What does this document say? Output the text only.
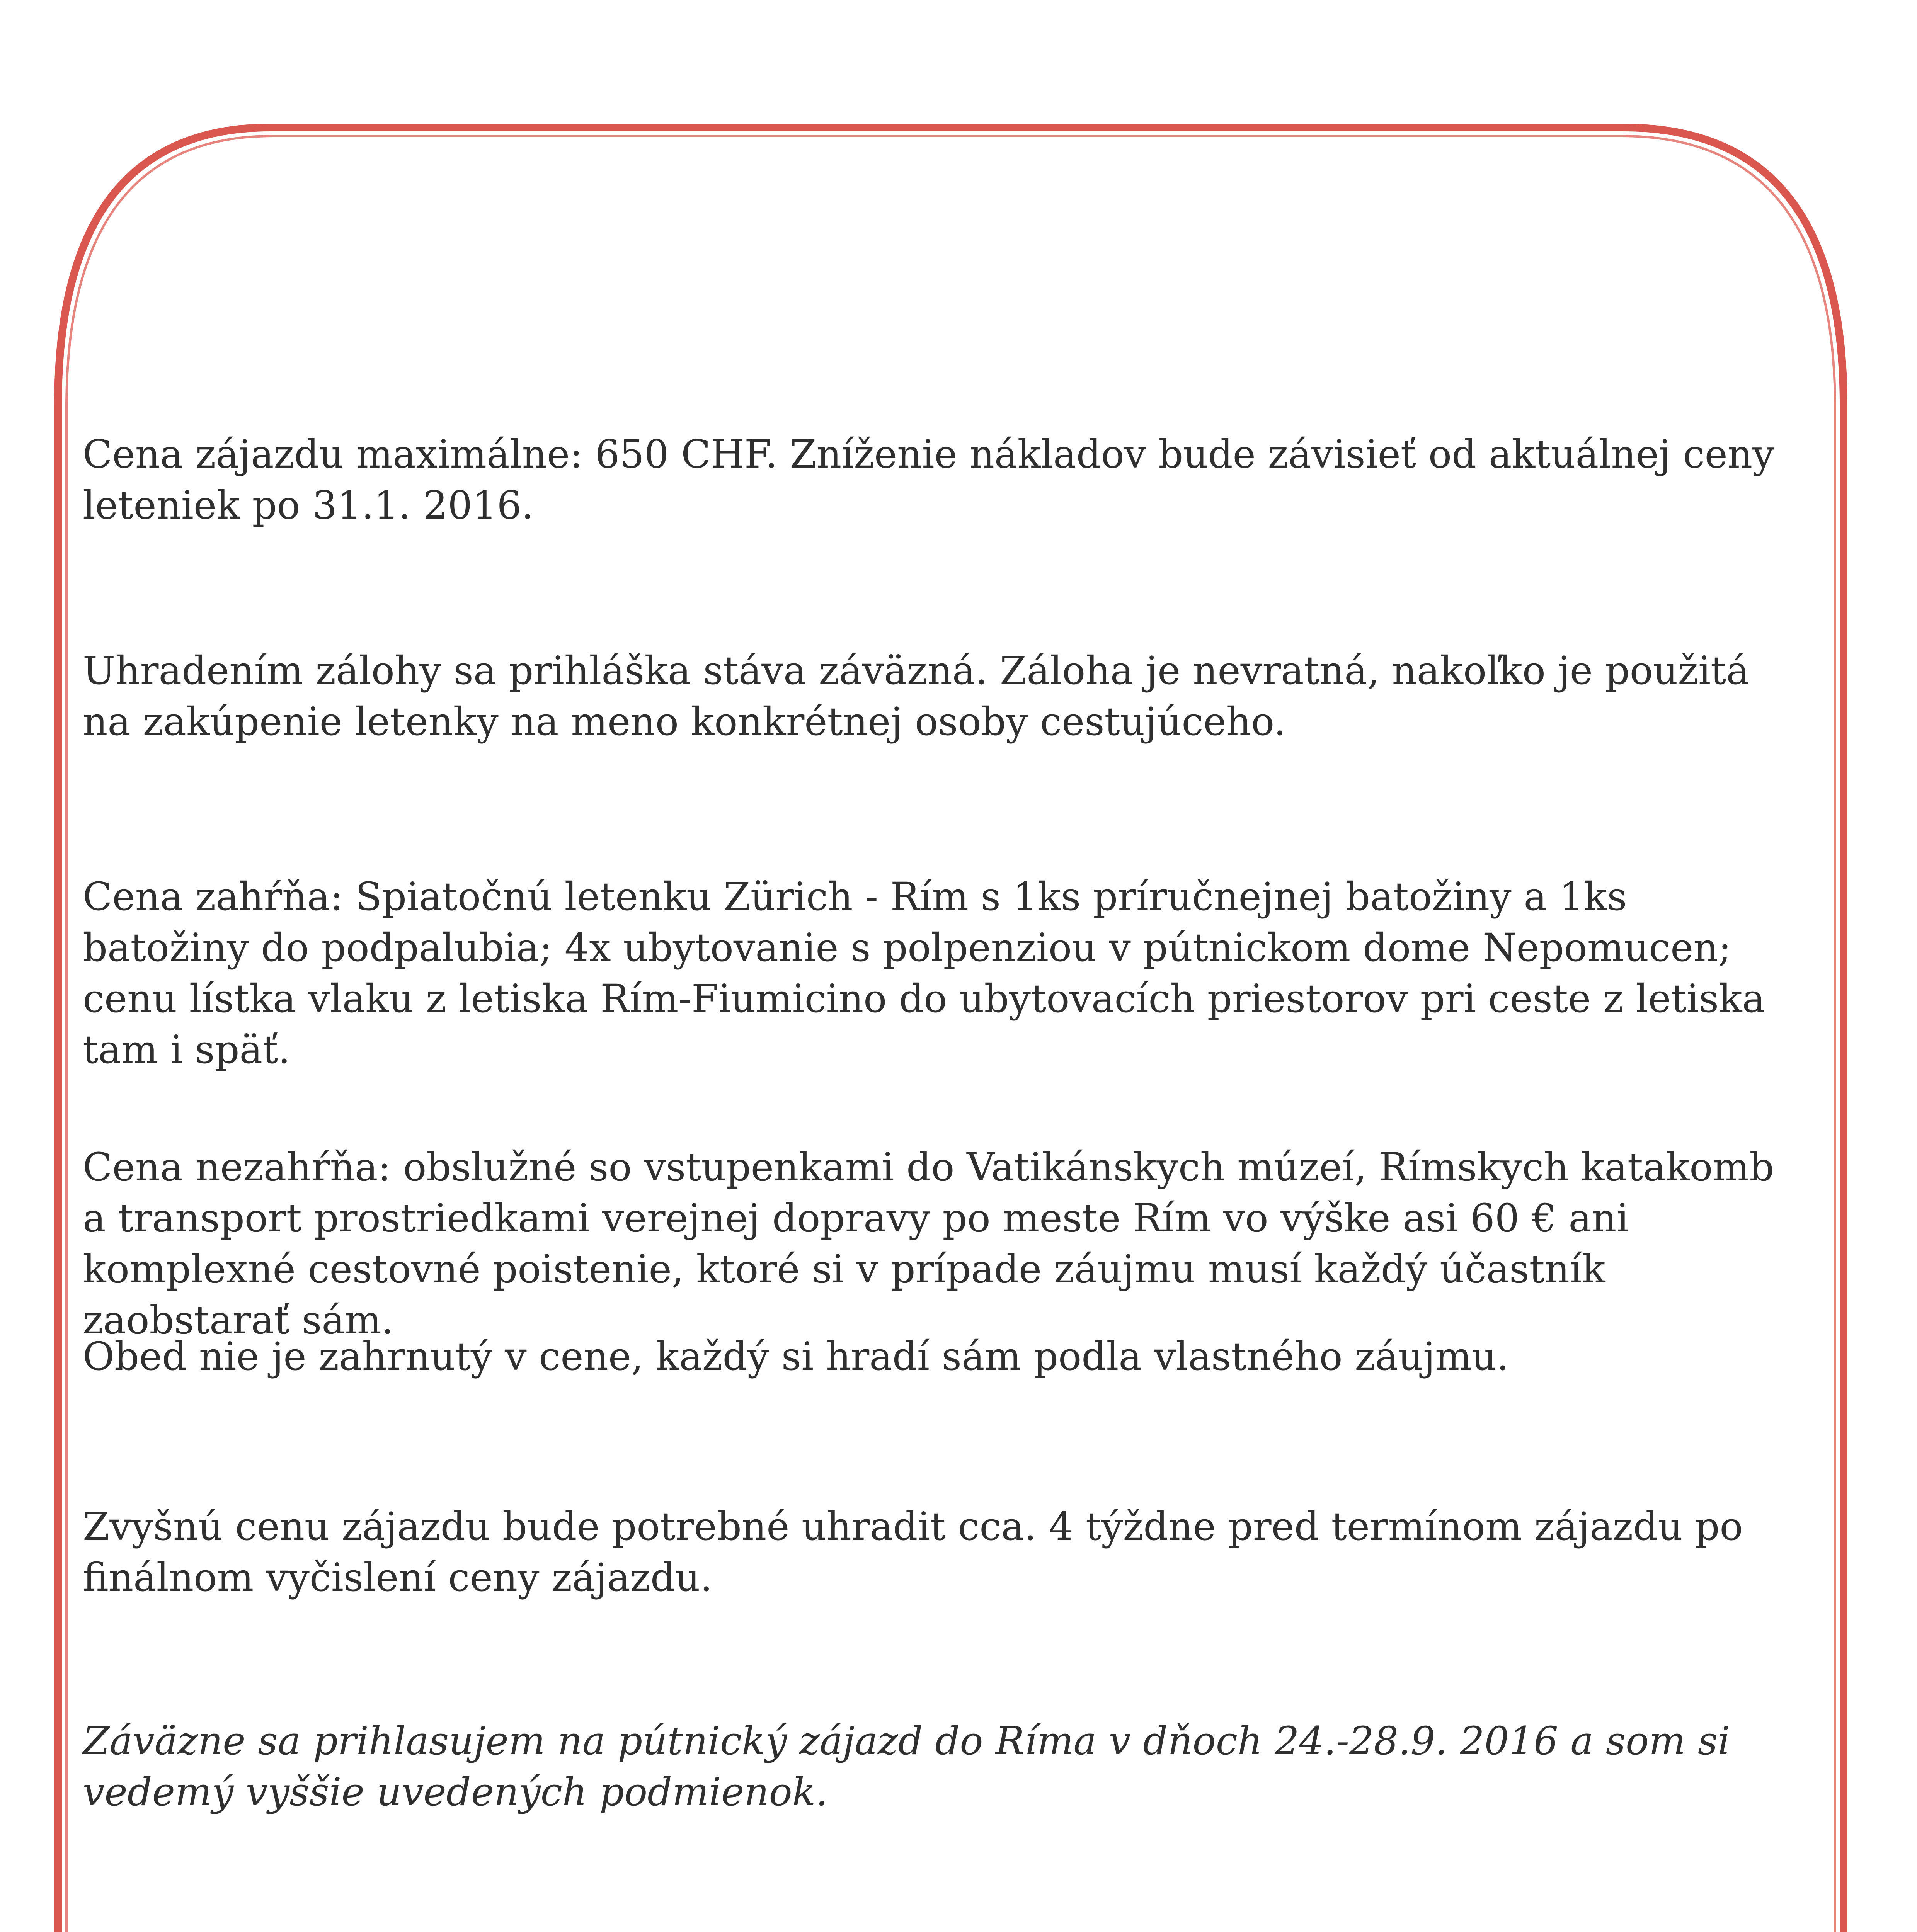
Cena zájazdu maximálne: 650 CHF. Zníženie nákladov bude závisieť od aktuálnej ceny leteniek po 31.1. 2016.

Uhradením zálohy sa prihláška stáva záväzná. Záloha je nevratná, nakoľko je použitá na zakúpenie letenky na meno konkrétnej osoby cestujúceho.

Cena zahŕňa: Spiatočnú letenku Zürich - Rím s 1ks príručnejnej batožiny a 1ks batožiny do podpalubia; 4x ubytovanie s polpenziou v pútnickom dome Nepomucen; cenu lístka vlaku z letiska Rím-Fiumicino do ubytovacích priestorov pri ceste z letiska tam i späť.

Cena nezahŕňa: obslužné so vstupenkami do Vatikánskych múzeí, Rímskych katakomb a transport prostriedkami verejnej dopravy po meste Rím vo výške asi 60 € ani komplexné cestovné poistenie, ktoré si v prípade záujmu musí každý účastník zaobstarať sám.

Obed nie je zahrnutý v cene, každý si hradí sám podla vlastného záujmu.

Zvyšnú cenu zájazdu bude potrebné uhradit cca. 4 týždne pred termínom zájazdu po finálnom vyčislení ceny zájazdu.

Záväzne sa prihlasujem na pútnický zájazd do Ríma v dňoch 24.-28.9. 2016 a som si vedemý vyššie uvedených podmienok.
